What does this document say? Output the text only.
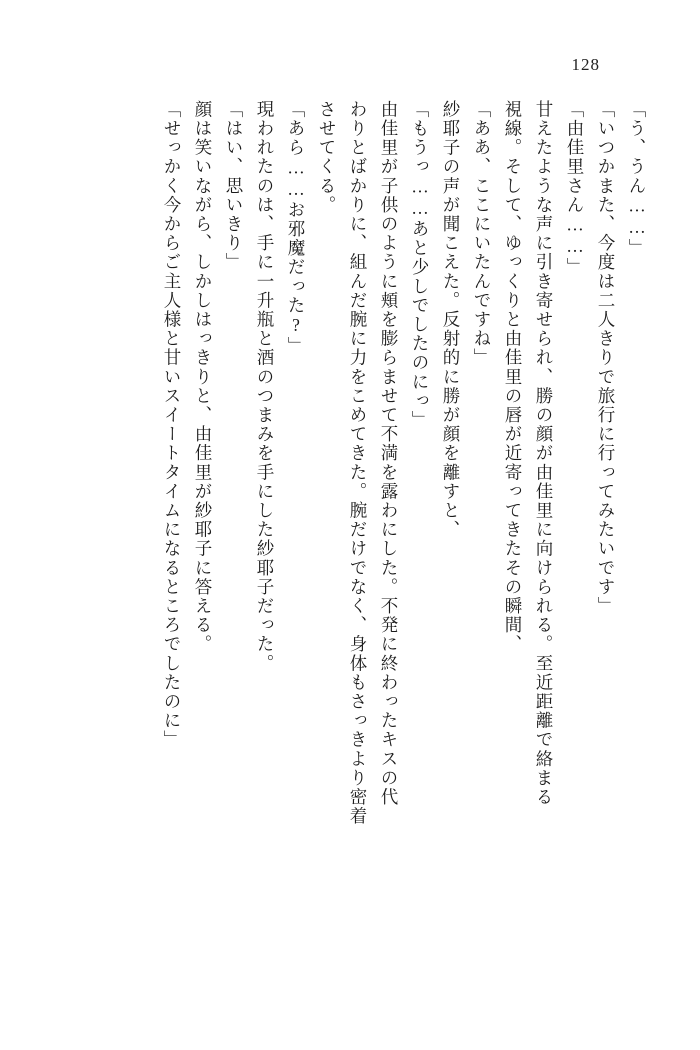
128
「う、うん……」
「いつかまた、今度は二人きりで旅行に行ってみたいです」
「由佳里さん……」
甘えたような声に引き寄せられ、勝の顔が由佳里に向けられる。至近距離で絡まる
視線。そして、ゆっくりと由佳里の唇が近寄ってきたその瞬間、
「ああ、ここにいたんですね」
紗耶子の声が聞こえた。反射的に勝が顔を離すと、
「もうっ……あと少しでしたのにっ」
由佳里が子供のように頬を膨らませて不満を露わにした。不発に終わったキスの代
わりとばかりに、組んだ腕に力をこめてきた。腕だけでなく、身体もさっきより密着
させてくる。
「あら……お邪魔だった?」
現われたのは、手に一升瓶と酒のつまみを手にした紗耶子だった。
「はい、思いきり」
顔は笑いながら、しかしはっきりと、由佳里が紗耶子に答える。
「せっかく今からご主人様と甘いスイートタイムになるところでしたのに」
